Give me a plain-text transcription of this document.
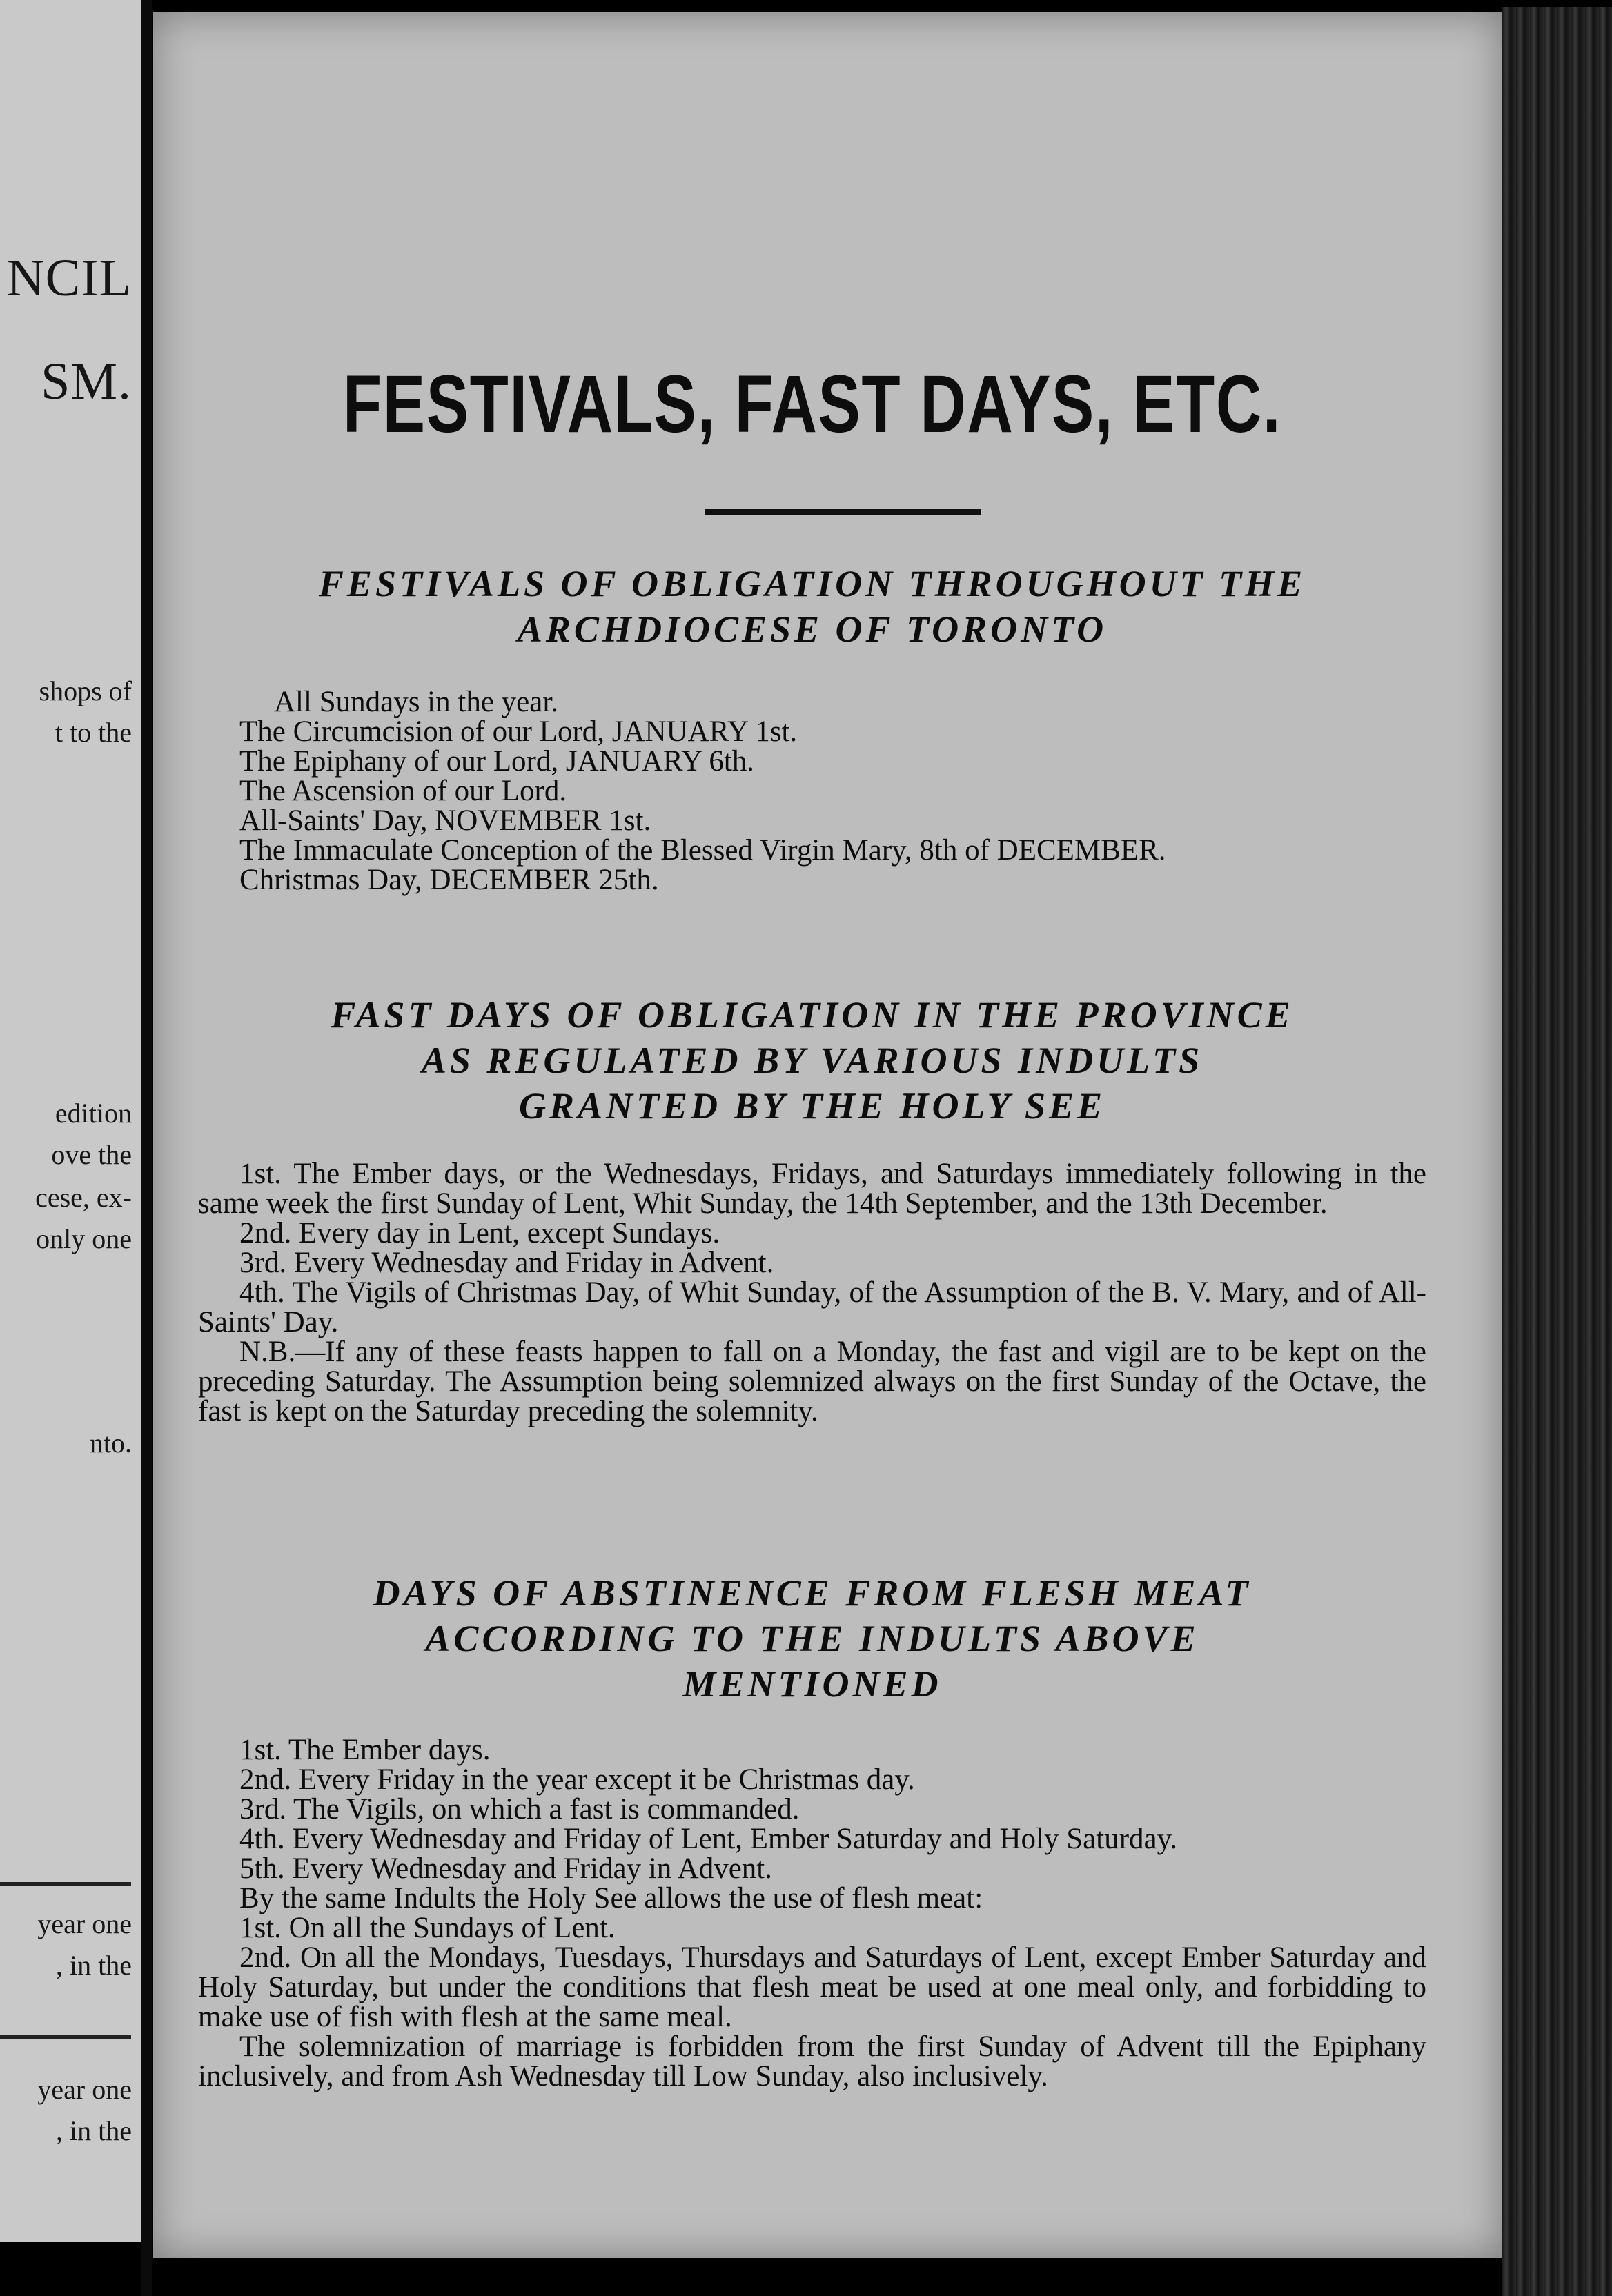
NCIL
SM.
shops of
t to the
edition
ove the
cese, ex-
only one
nto.
year one
, in the
year one
, in the
FESTIVALS, FAST DAYS, ETC.
FESTIVALS OF OBLIGATION THROUGHOUT THE
ARCHDIOCESE OF TORONTO

All Sundays in the year.

The Circumcision of our Lord, JANUARY 1st.

The Epiphany of our Lord, JANUARY 6th.

The Ascension of our Lord.

All-Saints' Day, NOVEMBER 1st.

The Immaculate Conception of the Blessed Virgin Mary, 8th of DECEMBER.

Christmas Day, DECEMBER 25th.

FAST DAYS OF OBLIGATION IN THE PROVINCE
AS REGULATED BY VARIOUS INDULTS
GRANTED BY THE HOLY SEE

1st. The Ember days, or the Wednesdays, Fridays, and Saturdays immediately following in the same week the first Sunday of Lent, Whit Sunday, the 14th September, and the 13th December.

2nd. Every day in Lent, except Sundays.

3rd. Every Wednesday and Friday in Advent.

4th. The Vigils of Christmas Day, of Whit Sunday, of the Assumption of the B. V. Mary, and of All-Saints' Day.

N.B.—If any of these feasts happen to fall on a Monday, the fast and vigil are to be kept on the preceding Saturday. The Assumption being solemnized always on the first Sunday of the Octave, the fast is kept on the Saturday preceding the solemnity.

DAYS OF ABSTINENCE FROM FLESH MEAT
ACCORDING TO THE INDULTS ABOVE
MENTIONED

1st. The Ember days.

2nd. Every Friday in the year except it be Christmas day.

3rd. The Vigils, on which a fast is commanded.

4th. Every Wednesday and Friday of Lent, Ember Saturday and Holy Saturday.

5th. Every Wednesday and Friday in Advent.

By the same Indults the Holy See allows the use of flesh meat:

1st. On all the Sundays of Lent.

2nd. On all the Mondays, Tuesdays, Thursdays and Saturdays of Lent, except Ember Saturday and Holy Saturday, but under the conditions that flesh meat be used at one meal only, and forbidding to make use of fish with flesh at the same meal.

The solemnization of marriage is forbidden from the first Sunday of Advent till the Epiphany inclusively, and from Ash Wednesday till Low Sunday, also inclusively.
